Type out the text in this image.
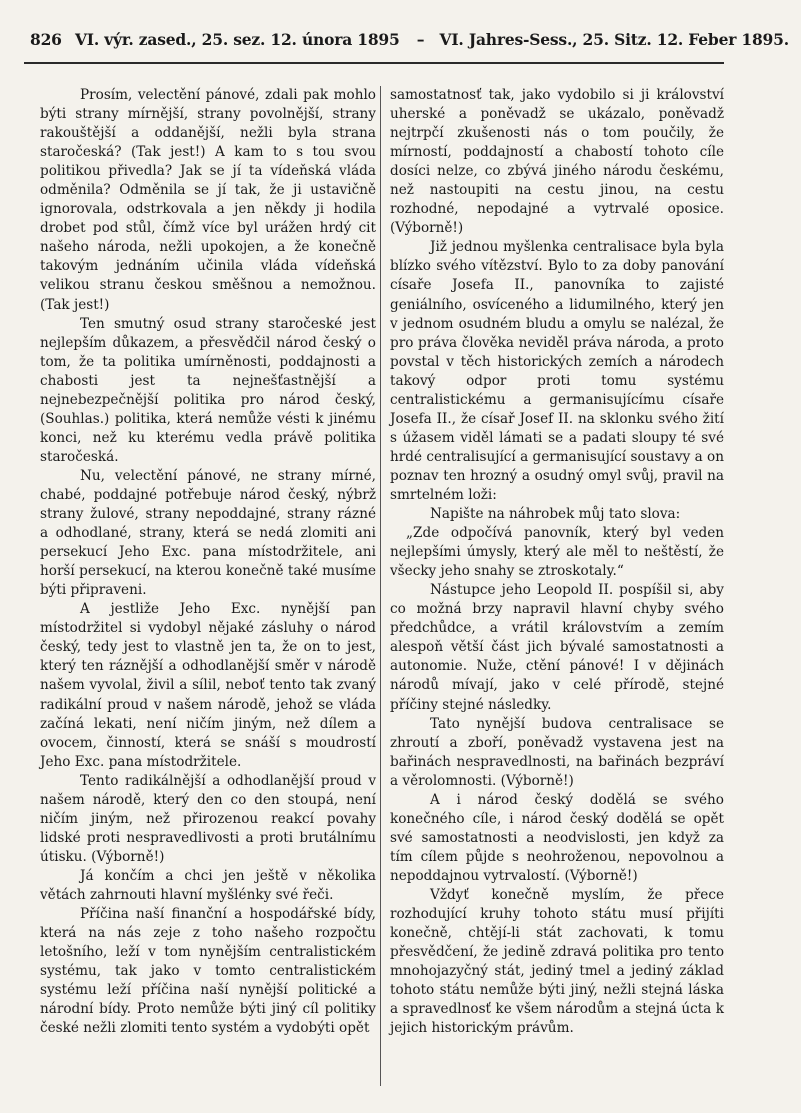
826 VI. výr. zased., 25. sez. 12. února 1895 – VI. Jahres-Sess., 25. Sitz. 12. Feber 1895.

Prosím, velectění pánové, zdali pak mohlo býti strany mírnější, strany povolnější, strany rakouštější a oddanější, nežli byla strana staročeská? (Tak jest!) A kam to s tou svou politikou přivedla? Jak se jí ta vídeňská vláda odměnila? Odměnila se jí tak, že ji ustavičně ignorovala, odstrkovala a jen někdy ji hodila drobet pod stůl, čímž více byl urážen hrdý cit našeho národa, nežli upokojen, a že konečně takovým jednáním učinila vláda vídeňská velikou stranu českou směšnou a nemožnou. (Tak jest!)

Ten smutný osud strany staročeské jest nejlepším důkazem, a přesvědčil národ český o tom, že ta politika umírněnosti, poddajnosti a chabosti jest ta nejnešťastnější a nejnebezpečnější politika pro národ český, (Souhlas.) politika, která nemůže vésti k jinému konci, než ku kterému vedla právě politika staročeská.

Nu, velectění pánové, ne strany mírné, chabé, poddajné potřebuje národ český, nýbrž strany žulové, strany nepoddajné, strany rázné a odhodlané, strany, která se nedá zlomiti ani persekucí Jeho Exc. pana místodržitele, ani horší persekucí, na kterou konečně také musíme býti připraveni.

A jestliže Jeho Exc. nynější pan místodržitel si vydobyl nějaké zásluhy o národ český, tedy jest to vlastně jen ta, že on to jest, který ten ráznější a odhodlanější směr v národě našem vyvolal, živil a sílil, neboť tento tak zvaný radikální proud v našem národě, jehož se vláda začíná lekati, není ničím jiným, než dílem a ovocem, činností, která se snáší s moudrostí Jeho Exc. pana místodržitele.

Tento radikálnější a odhodlanější proud v našem národě, který den co den stoupá, není ničím jiným, než přirozenou reakcí povahy lidské proti nespravedlivosti a proti brutálnímu útisku. (Výborně!)

Já končím a chci jen ještě v několika větách zahrnouti hlavní myšlénky své řeči.

Příčina naší finanční a hospodářské bídy, která na nás zeje z toho našeho rozpočtu letošního, leží v tom nynějším centralistickém systému, tak jako v tomto centralistickém systému leží příčina naší nynější politické a národní bídy. Proto nemůže býti jiný cíl politiky české nežli zlomiti tento systém a vydobýti opět

samostatnosť tak, jako vydobilo si ji království uherské a poněvadž se ukázalo, poněvadž nejtrpčí zkušenosti nás o tom poučily, že mírností, poddajností a chabostí tohoto cíle dosíci nelze, co zbývá jiného národu českému, než nastoupiti na cestu jinou, na cestu rozhodné, nepodajné a vytrvalé oposice. (Výborně!)

Již jednou myšlenka centralisace byla byla blízko svého vítězství. Bylo to za doby panování císaře Josefa II., panovníka to zajisté geniálního, osvíceného a lidumilného, který jen v jednom osudném bludu a omylu se nalézal, že pro práva člověka neviděl práva národa, a proto povstal v těch historických zemích a národech takový odpor proti tomu systému centralistickému a germanisujícímu císaře Josefa II., že císař Josef II. na sklonku svého žití s úžasem viděl lámati se a padati sloupy té své hrdé centralisující a germanisující soustavy a on poznav ten hrozný a osudný omyl svůj, pravil na smrtelném loži:

Napište na náhrobek můj tato slova:

„Zde odpočívá panovník, který byl veden nejlepšími úmysly, který ale měl to neštěstí, že všecky jeho snahy se ztroskotaly.“

Nástupce jeho Leopold II. pospíšil si, aby co možná brzy napravil hlavní chyby svého předchůdce, a vrátil královstvím a zemím alespoň větší část jich bývalé samostatnosti a autonomie. Nuže, ctění pánové! I v dějinách národů mívají, jako v celé přírodě, stejné příčiny stejné následky.

Tato nynější budova centralisace se zhroutí a zboří, poněvadž vystavena jest na bařinách nespravedlnosti, na bařinách bezpráví a věrolomnosti. (Výborně!)

A i národ český dodělá se svého konečného cíle, i národ český dodělá se opět své samostatnosti a neodvislosti, jen když za tím cílem půjde s neohroženou, nepovolnou a nepoddajnou vytrvalostí. (Výborně!)

Vždyť konečně myslím, že přece rozhodující kruhy tohoto státu musí přijíti konečně, chtějí-li stát zachovati, k tomu přesvědčení, že jedině zdravá politika pro tento mnohojazyčný stát, jediný tmel a jediný základ tohoto státu nemůže býti jiný, nežli stejná láska a spravedlnosť ke všem národům a stejná úcta k jejich historickým právům.
